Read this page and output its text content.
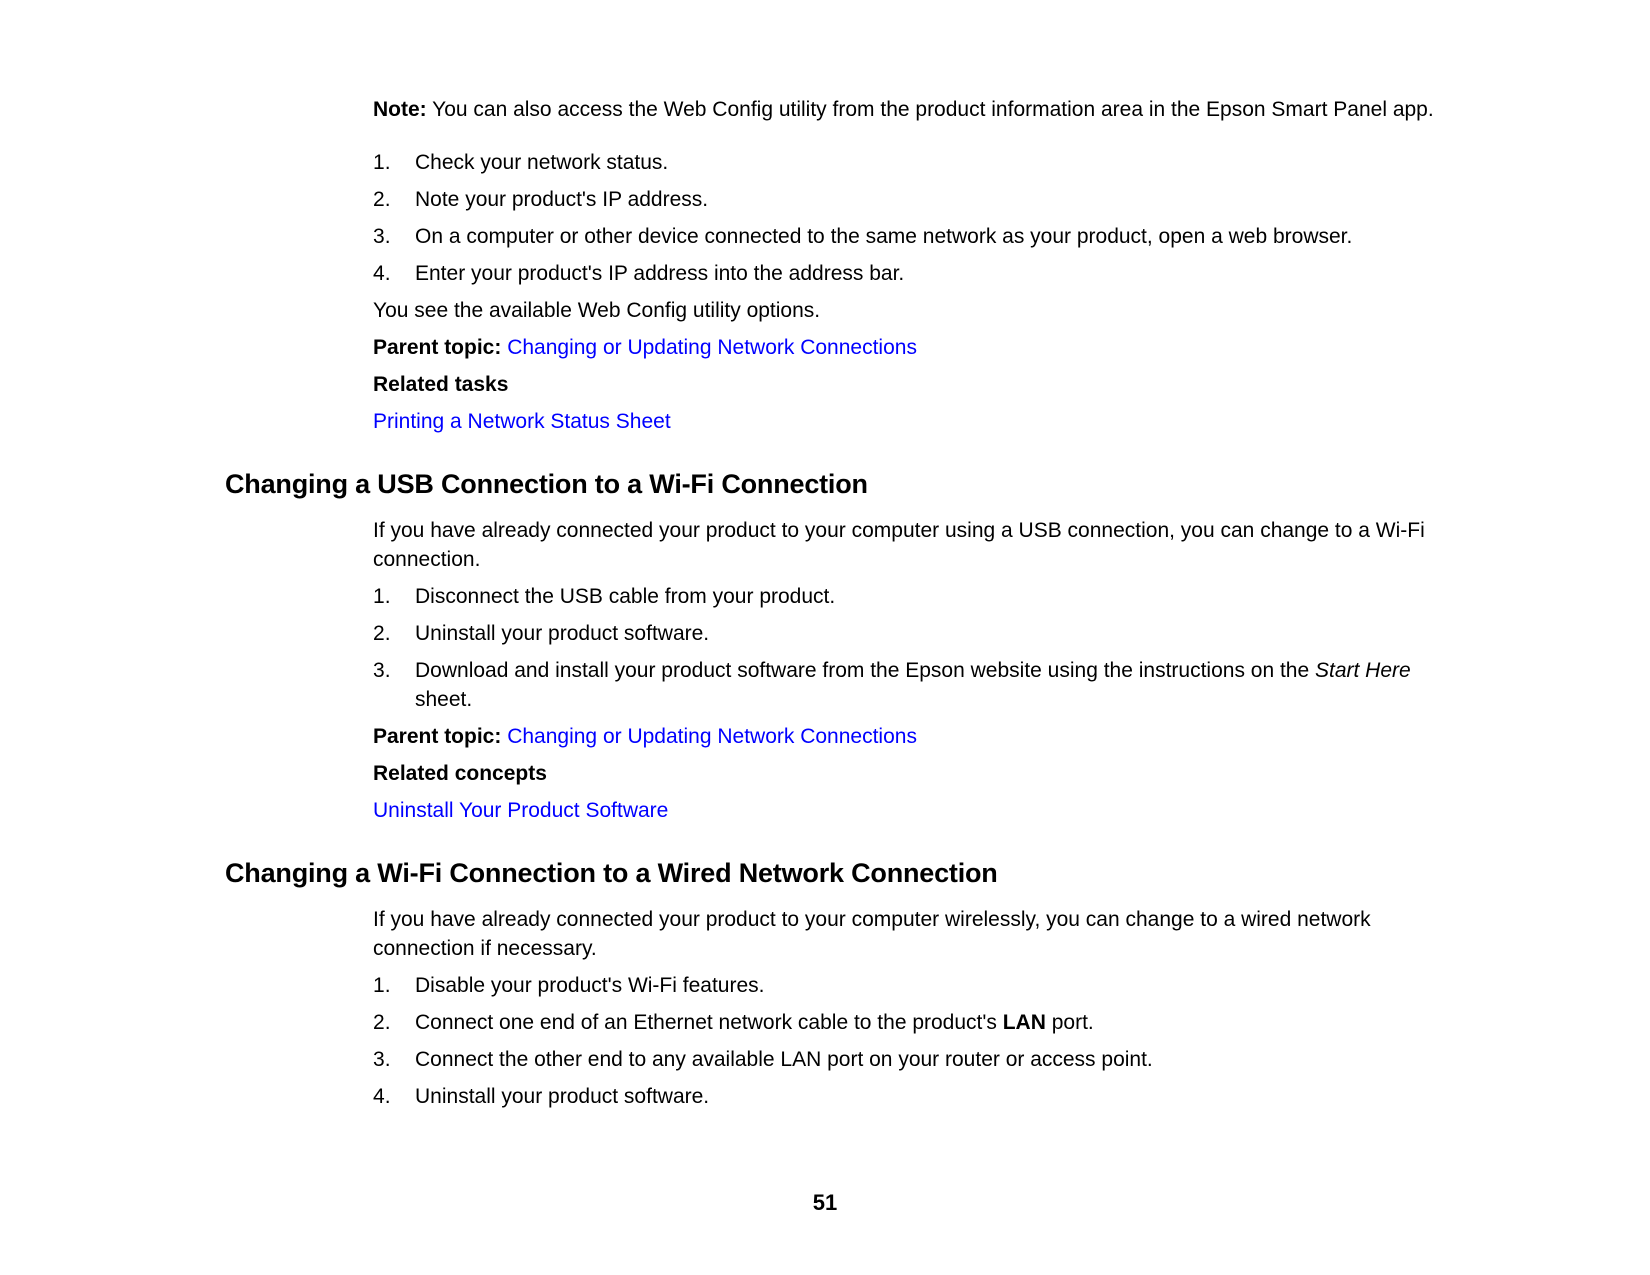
Note: You can also access the Web Config utility from the product information area in the Epson Smart Panel app.

Check your network status.
Note your product's IP address.
On a computer or other device connected to the same network as your product, open a web browser.
Enter your product's IP address into the address bar.

You see the available Web Config utility options.

Parent topic: Changing or Updating Network Connections

Related tasks

Printing a Network Status Sheet

Changing a USB Connection to a Wi-Fi Connection

If you have already connected your product to your computer using a USB connection, you can change to a Wi-Fi connection.

Disconnect the USB cable from your product.
Uninstall your product software.
Download and install your product software from the Epson website using the instructions on the Start Here sheet.

Parent topic: Changing or Updating Network Connections

Related concepts

Uninstall Your Product Software

Changing a Wi-Fi Connection to a Wired Network Connection

If you have already connected your product to your computer wirelessly, you can change to a wired network connection if necessary.

Disable your product's Wi-Fi features.
Connect one end of an Ethernet network cable to the product's LAN port.
Connect the other end to any available LAN port on your router or access point.
Uninstall your product software.
51
